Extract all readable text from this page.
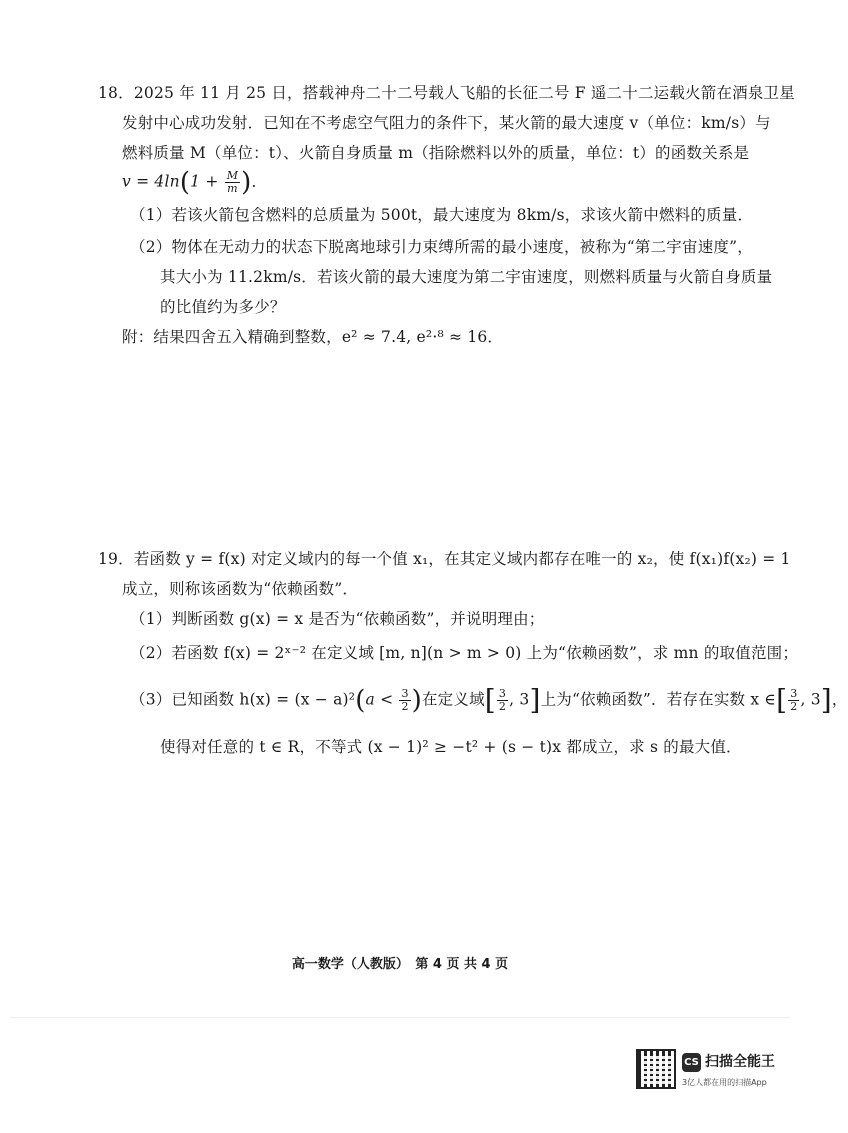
18．2025 年 11 月 25 日，搭载神舟二十二号载人飞船的长征二号 F 遥二十二运载火箭在酒泉卫星
发射中心成功发射．已知在不考虑空气阻力的条件下，某火箭的最大速度 v（单位：km/s）与
燃料质量 M（单位：t）、火箭自身质量 m（指除燃料以外的质量，单位：t）的函数关系是
$v = 4\ln(1 + \frac{M}{m}$ )．
（1）若该火箭包含燃料的总质量为 500t，最大速度为 8km/s，求该火箭中燃料的质量．
（2）物体在无动力的状态下脱离地球引力束缚所需的最小速度，被称为“第二宇宙速度”，
其大小为 11.2km/s．若该火箭的最大速度为第二宇宙速度，则燃料质量与火箭自身质量
的比值约为多少？
附：结果四舍五入精确到整数，e² ≈ 7.4, e²·⁸ ≈ 16．
19．若函数 y = f(x) 对定义域内的每一个值 x₁，在其定义域内都存在唯一的 x₂，使 f(x₁)f(x₂) = 1
成立，则称该函数为“依赖函数”．
（1）判断函数 g(x) = x 是否为“依赖函数”，并说明理由；
（2）若函数 f(x) = 2ˣ⁻² 在定义域 [m, n](n > m > 0) 上为“依赖函数”，求 mn 的取值范围；
（3）已知函数 $h(x) = (x - a)^2(a < \frac{3}{2}$ )在定义域[ $\frac{3}{2}$ , 3]上为“依赖函数”．若存在实数 x ∈[ $\frac{3}{2}$ , 3]，
使得对任意的 t ∈ R，不等式 (x − 1)² ≥ −t² + (s − t)x 都成立，求 s 的最大值．
高一数学（人教版）　第 4 页 共 4 页
CS 扫描全能王
3亿人都在用的扫描App
